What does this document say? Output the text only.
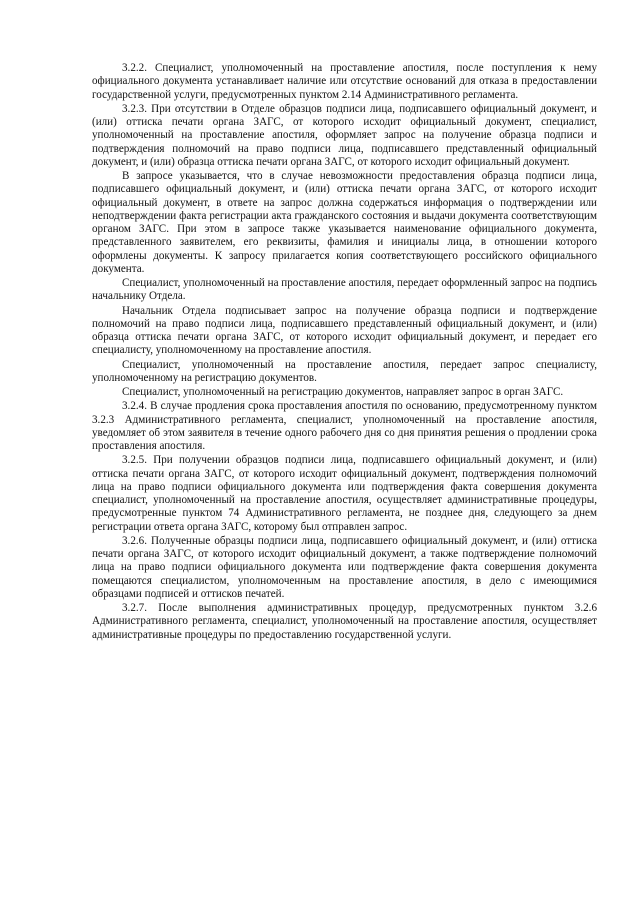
3.2.2. Специалист, уполномоченный на проставление апостиля, после поступления к нему официального документа устанавливает наличие или отсутствие оснований для отказа в предоставлении государственной услуги, предусмотренных пунктом 2.14 Административного регламента.

3.2.3. При отсутствии в Отделе образцов подписи лица, подписавшего официальный документ, и (или) оттиска печати органа ЗАГС, от которого исходит официальный документ, специалист, уполномоченный на проставление апостиля, оформляет запрос на получение образца подписи и подтверждения полномочий на право подписи лица, подписавшего представленный официальный документ, и (или) образца оттиска печати органа ЗАГС, от которого исходит официальный документ.

В запросе указывается, что в случае невозможности предоставления образца подписи лица, подписавшего официальный документ, и (или) оттиска печати органа ЗАГС, от которого исходит официальный документ, в ответе на запрос должна содержаться информация о подтверждении или неподтверждении факта регистрации акта гражданского состояния и выдачи документа соответствующим органом ЗАГС. При этом в запросе также указывается наименование официального документа, представленного заявителем, его реквизиты, фамилия и инициалы лица, в отношении которого оформлены документы. К запросу прилагается копия соответствующего российского официального документа.

Специалист, уполномоченный на проставление апостиля, передает оформленный запрос на подпись начальнику Отдела.

Начальник Отдела подписывает запрос на получение образца подписи и подтверждение полномочий на право подписи лица, подписавшего представленный официальный документ, и (или) образца оттиска печати органа ЗАГС, от которого исходит официальный документ, и передает его специалисту, уполномоченному на проставление апостиля.

Специалист, уполномоченный на проставление апостиля, передает запрос специалисту, уполномоченному на регистрацию документов.

Специалист, уполномоченный на регистрацию документов, направляет запрос в орган ЗАГС.

3.2.4. В случае продления срока проставления апостиля по основанию, предусмотренному пунктом 3.2.3 Административного регламента, специалист, уполномоченный на проставление апостиля, уведомляет об этом заявителя в течение одного рабочего дня со дня принятия решения о продлении срока проставления апостиля.

3.2.5. При получении образцов подписи лица, подписавшего официальный документ, и (или) оттиска печати органа ЗАГС, от которого исходит официальный документ, подтверждения полномочий лица на право подписи официального документа или подтверждения факта совершения документа специалист, уполномоченный на проставление апостиля, осуществляет административные процедуры, предусмотренные пунктом 74 Административного регламента, не позднее дня, следующего за днем регистрации ответа органа ЗАГС, которому был отправлен запрос.

3.2.6. Полученные образцы подписи лица, подписавшего официальный документ, и (или) оттиска печати органа ЗАГС, от которого исходит официальный документ, а также подтверждение полномочий лица на право подписи официального документа или подтверждение факта совершения документа помещаются специалистом, уполномоченным на проставление апостиля, в дело с имеющимися образцами подписей и оттисков печатей.

3.2.7. После выполнения административных процедур, предусмотренных пунктом 3.2.6 Административного регламента, специалист, уполномоченный на проставление апостиля, осуществляет административные процедуры по предоставлению государственной услуги.
